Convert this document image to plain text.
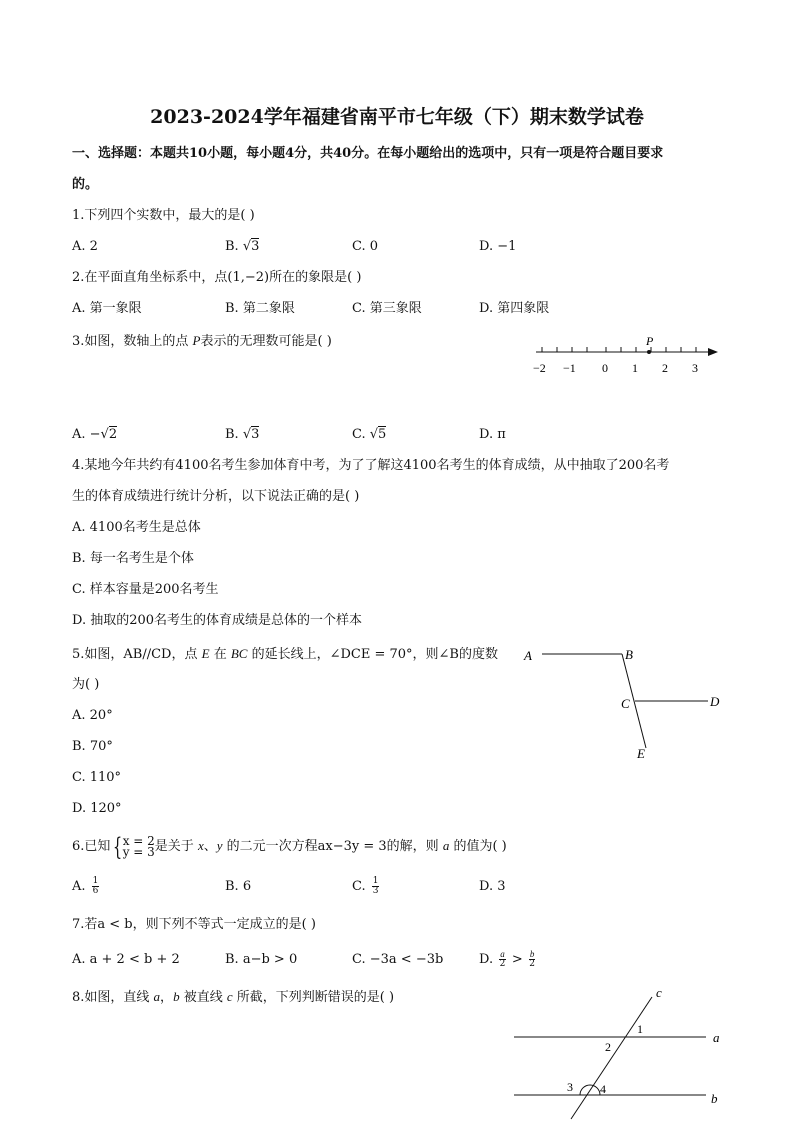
2023-2024学年福建省南平市七年级（下）期末数学试卷
一、选择题：本题共10小题，每小题4分，共40分。在每小题给出的选项中，只有一项是符合题目要求
的。
1.下列四个实数中，最大的是( )
A. 2	B. √3	C. 0	D. −1
2.在平面直角坐标系中，点(1,−2)所在的象限是( )
A. 第一象限	B. 第二象限	C. 第三象限	D. 第四象限
3.如图，数轴上的点 P表示的无理数可能是( )	P
−2 −1 0 1 2 3
A. −√2	B. √3	C. √5	D. π
4.某地今年共约有4100名考生参加体育中考，为了了解这4100名考生的体育成绩，从中抽取了200名考
生的体育成绩进行统计分析，以下说法正确的是( )
A. 4100名考生是总体
B. 每一名考生是个体
C. 样本容量是200名考生
D. 抽取的200名考生的体育成绩是总体的一个样本
5.如图，AB//CD，点 E 在 BC 的延长线上，∠DCE = 70°，则∠B的度数
为( )
A. 20°
B. 70°
C. 110°
D. 120°
A	B
C	D
E
6.已知 { x = 2
y = 3 是关于 x、y 的二元一次方程ax−3y = 3的解，则 a 的值为( )
A. $\frac{1}{6}$	B. 6	C. $\frac{1}{3}$	D. 3
7.若a < b，则下列不等式一定成立的是( )
A. a + 2 < b + 2	B. a−b > 0	C. −3a < −3b	D. $\frac{a}{2} > \frac{b}{2}$
8.如图，直线 a，b 被直线 c 所截，下列判断错误的是( )	c
a
b
1
2
3 4
